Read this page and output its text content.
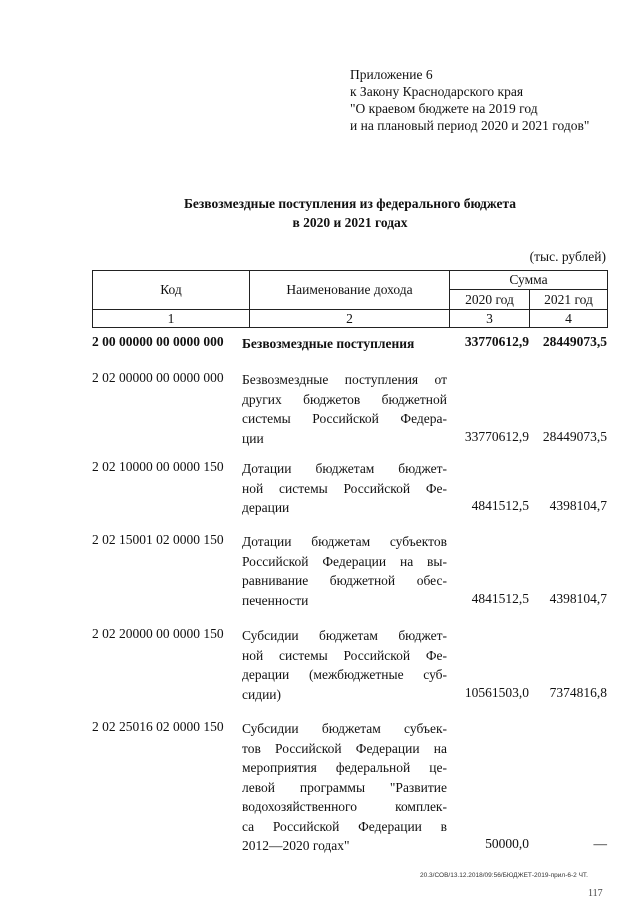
Приложение 6
к Закону Краснодарского края
"О краевом бюджете на 2019 год
и на плановый период 2020 и 2021 годов"
Безвозмездные поступления из федерального бюджета
в 2020 и 2021 годах
(тыс. рублей)
Код	Наименование дохода	Сумма	
		2020 год	2021 год
1	2	3	4
2 00 00000 00 0000 000	Безвозмездные поступления	33770612,9	28449073,5
2 02 00000 00 0000 000	Безвозмездные поступления от
других бюджетов бюджетной
системы Российской Федера-
ции	33770612,9	28449073,5
2 02 10000 00 0000 150	Дотации бюджетам бюджет-
ной системы Российской Фе-
дерации	4841512,5	4398104,7
2 02 15001 02 0000 150	Дотации бюджетам субъектов
Российской Федерации на вы-
равнивание бюджетной обес-
печенности	4841512,5	4398104,7
2 02 20000 00 0000 150	Субсидии бюджетам бюджет-
ной системы Российской Фе-
дерации (межбюджетные суб-
сидии)	10561503,0	7374816,8
2 02 25016 02 0000 150	Субсидии бюджетам субъек-
тов Российской Федерации на
мероприятия федеральной це-
левой программы "Развитие
водохозяйственного комплек-
са Российской Федерации в
2012—2020 годах"	50000,0	—
20.3/СОВ/13.12.2018/09:56/БЮДЖЕТ-2019-прил-6-2 ЧТ.
117
